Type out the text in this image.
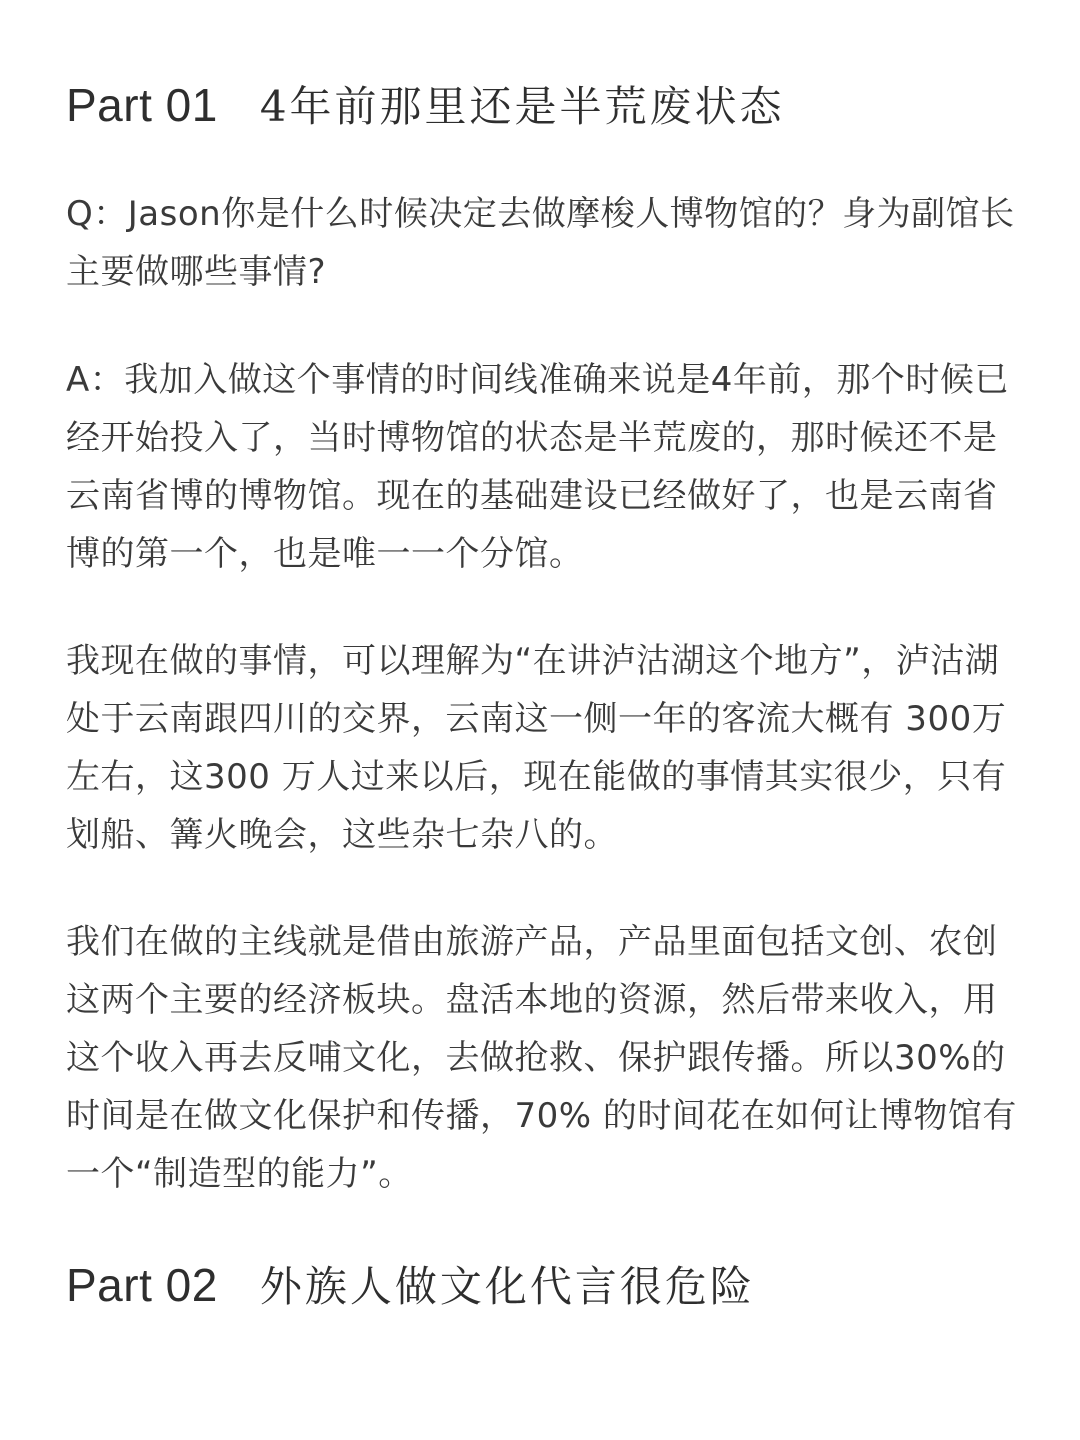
Part 01 4年前那里还是半荒废状态

Q：Jason你是什么时候决定去做摩梭人博物馆的？身为副馆长主要做哪些事情?

A：我加入做这个事情的时间线准确来说是4年前，那个时候已经开始投入了，当时博物馆的状态是半荒废的，那时候还不是云南省博的博物馆。现在的基础建设已经做好了，也是云南省博的第一个，也是唯一一个分馆。

我现在做的事情，可以理解为“在讲泸沽湖这个地方”，泸沽湖处于云南跟四川的交界，云南这一侧一年的客流大概有 300万左右，这300 万人过来以后，现在能做的事情其实很少，只有划船、篝火晚会，这些杂七杂八的。

我们在做的主线就是借由旅游产品，产品里面包括文创、农创这两个主要的经济板块。盘活本地的资源，然后带来收入，用这个收入再去反哺文化，去做抢救、保护跟传播。所以30%的时间是在做文化保护和传播，70% 的时间花在如何让博物馆有一个“制造型的能力”。

Part 02 外族人做文化代言很危险
